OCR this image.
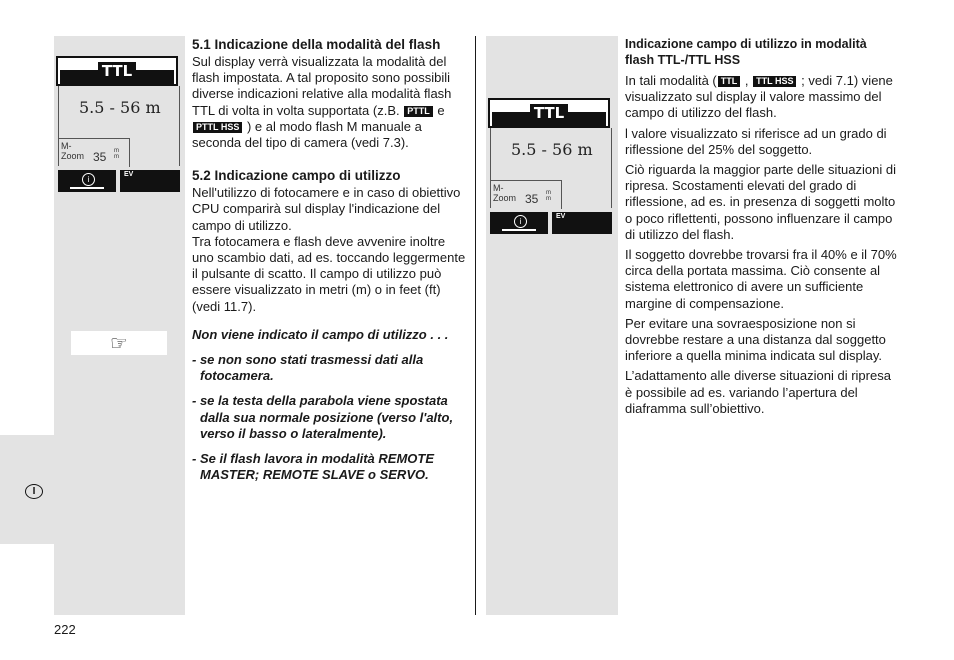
TTL
5.5 - 56 m
M-
Zoom 35 m
m
i
EV
TTL
5.5 - 56 m
M-
Zoom 35 m
m
i
EV
5.1 Indicazione della modalità del flash

Sul display verrà visualizzata la modalità del flash impostata. A tal proposito sono possibili diverse indicazioni relative alla modalità flash TTL di volta in volta supportata (z.B. PTTL e PTTL HSS ) e al modo flash M manuale a seconda del tipo di camera (vedi 7.3).

5.2 Indicazione campo di utilizzo

Nell'utilizzo di fotocamere e in caso di obiettivo CPU comparirà sul display l'indicazione del campo di utilizzo.

Tra fotocamera e flash deve avvenire inoltre uno scambio dati, ad es. toccando leggermente il pulsante di scatto. Il campo di utilizzo può essere visualizzato in metri (m) o in feet (ft) (vedi 11.7).

Non viene indicato il campo di utilizzo . . .

- se non sono stati trasmessi dati alla fotocamera.

- se la testa della parabola viene spostata dalla sua normale posizione (verso l'alto, verso il basso o lateralmente).

- Se il flash lavora in modalità REMOTE MASTER; REMOTE SLAVE o SERVO.

Indicazione campo di utilizzo in modalità flash TTL-/TTL HSS

In tali modalità ( TTL , TTL HSS ; vedi 7.1) viene visualizzato sul display il valore massimo del campo di utilizzo del flash.

l valore visualizzato si riferisce ad un grado di riflessione del 25% del soggetto.

Ciò riguarda la maggior parte delle situazioni di ripresa. Scostamenti elevati del grado di riflessione, ad es. in presenza di soggetti molto o poco riflettenti, possono influenzare il campo di utilizzo del flash.

Il soggetto dovrebbe trovarsi fra il 40% e il 70% circa della portata massima. Ciò consente al sistema elettronico di avere un sufficiente margine di compensazione.

Per evitare una sovraesposizione non si dovrebbe restare a una distanza dal soggetto inferiore a quella minima indicata sul display.

L’adattamento alle diverse situazioni di ripresa è possibile ad es. variando l’apertura del diaframma sull’obiettivo.

☞
I
222
